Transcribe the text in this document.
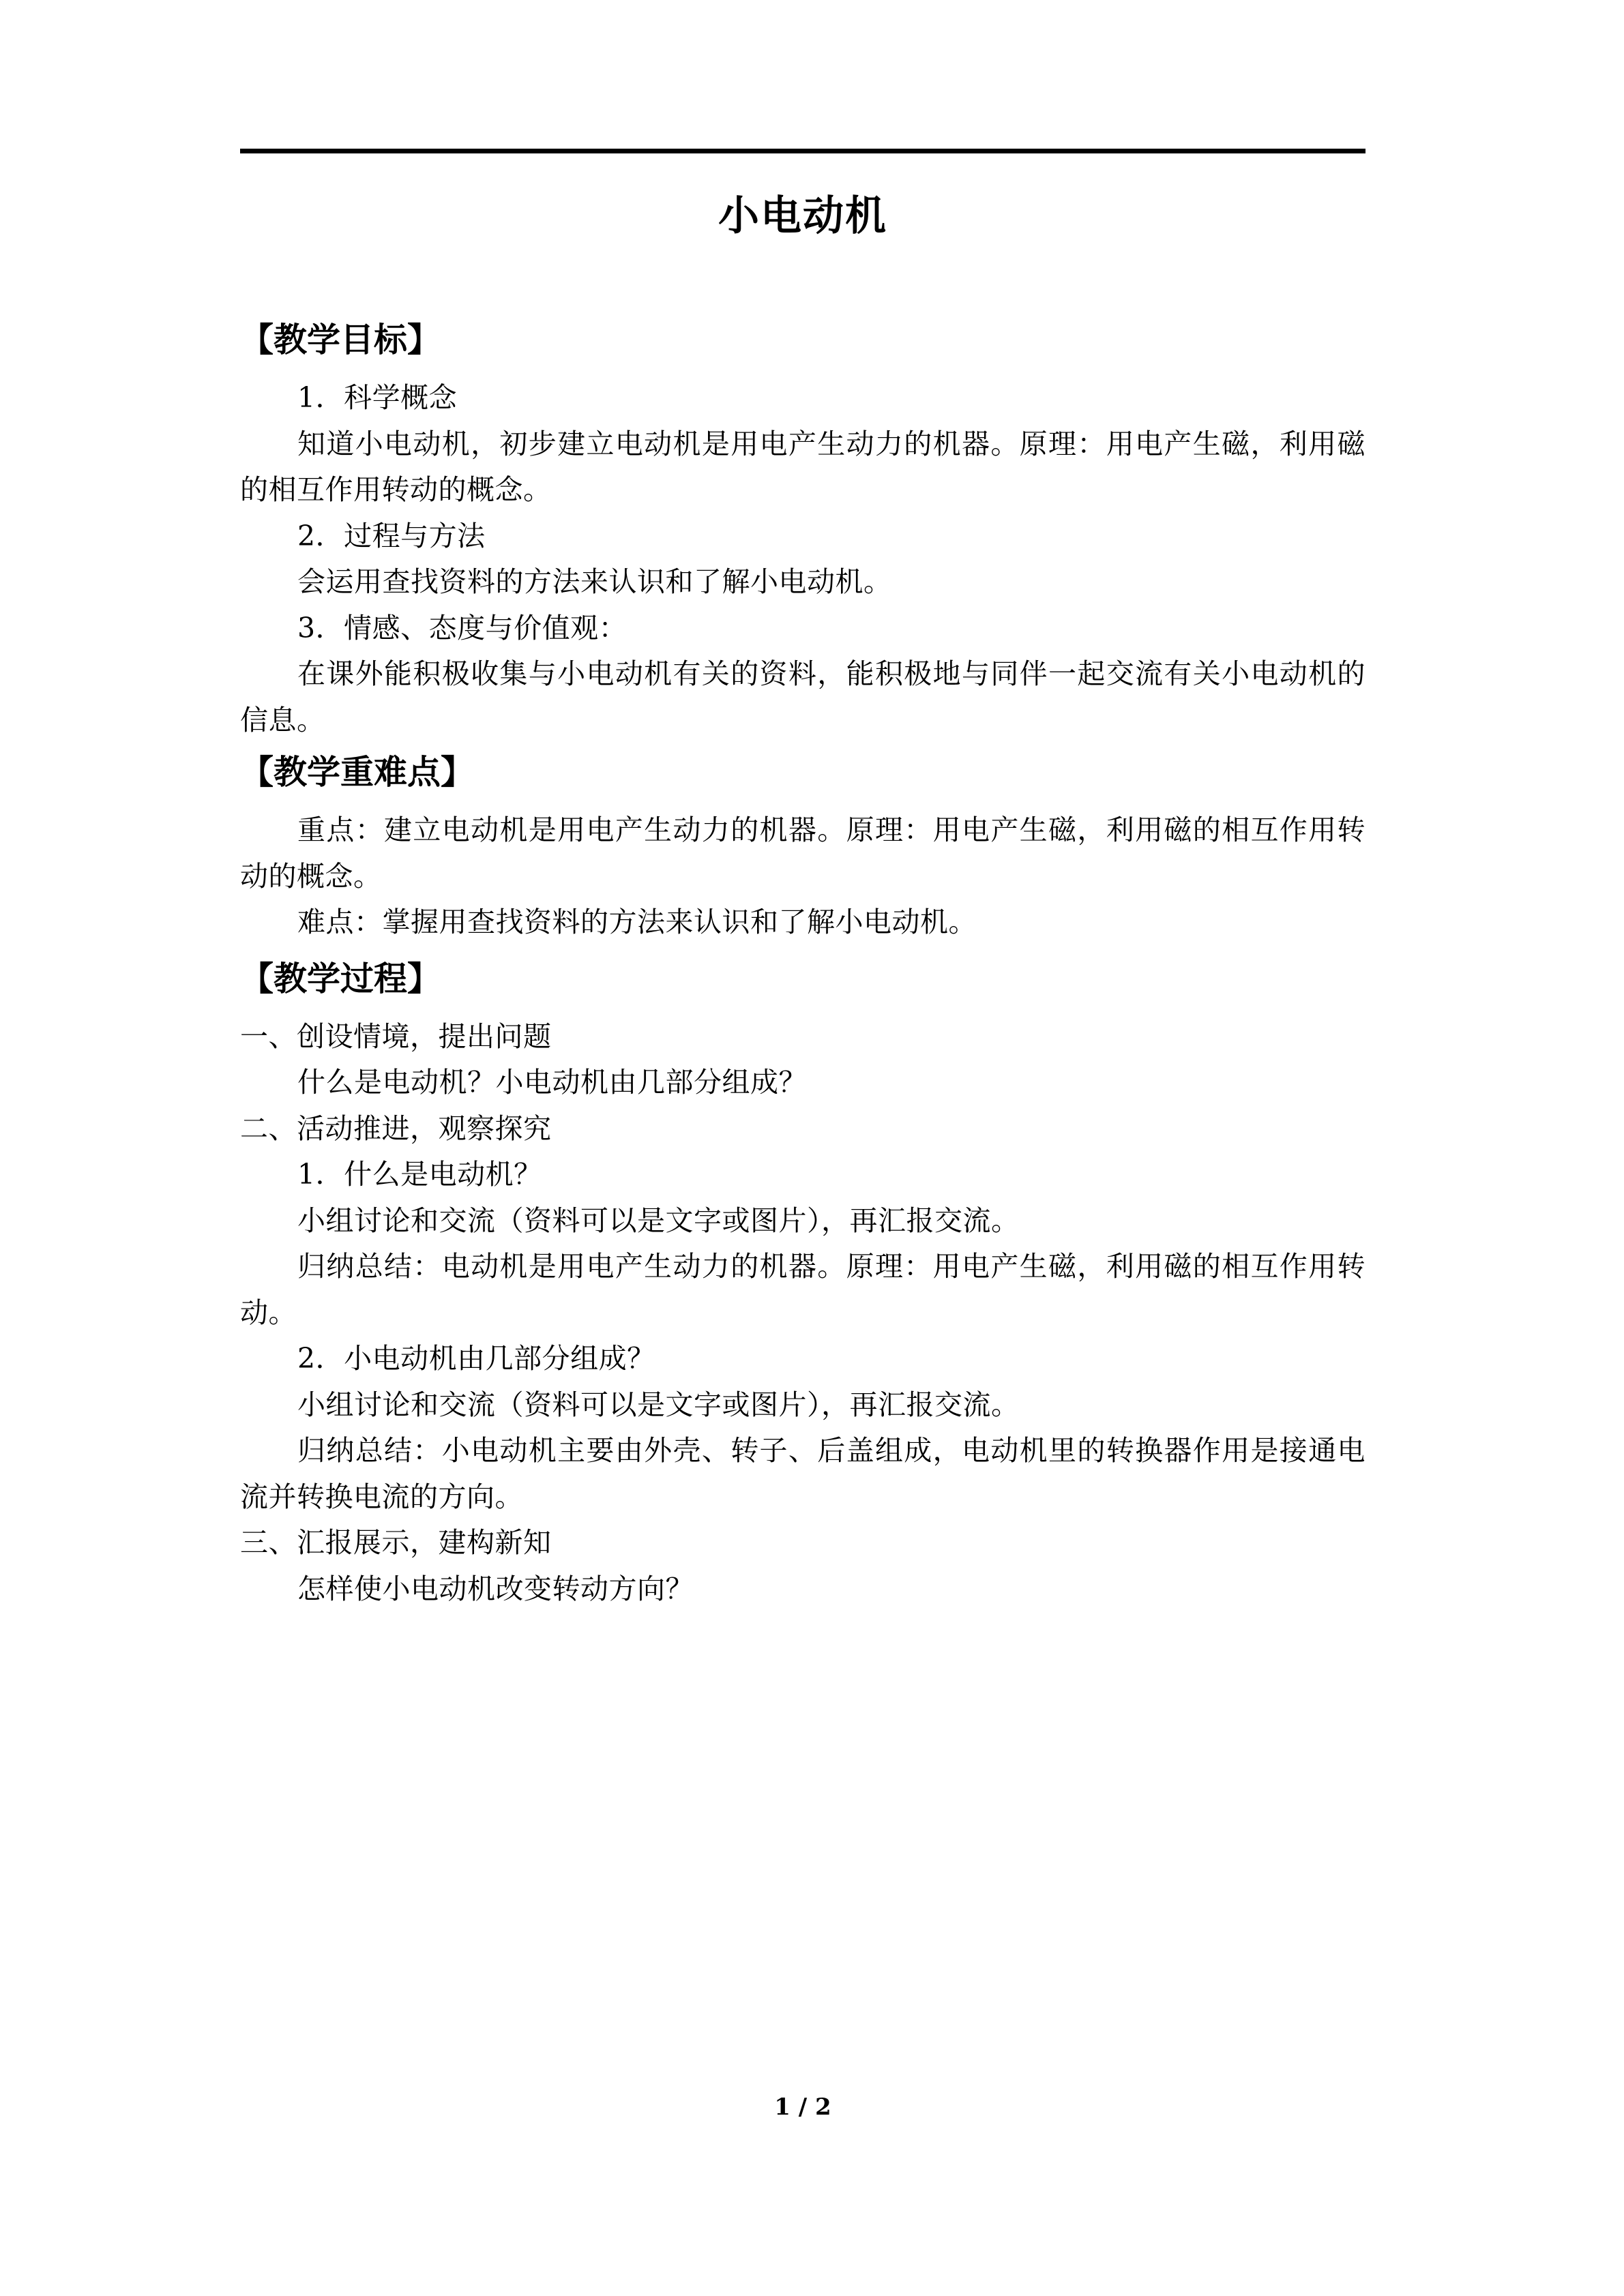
小电动机
【教学目标】

1．科学概念

知道小电动机，初步建立电动机是用电产生动力的机器。原理：用电产生磁，利用磁的相互作用转动的概念。

2．过程与方法

会运用查找资料的方法来认识和了解小电动机。

3．情感、态度与价值观：

在课外能积极收集与小电动机有关的资料，能积极地与同伴一起交流有关小电动机的信息。

【教学重难点】

重点：建立电动机是用电产生动力的机器。原理：用电产生磁，利用磁的相互作用转动的概念。

难点：掌握用查找资料的方法来认识和了解小电动机。

【教学过程】

一、创设情境，提出问题

什么是电动机？小电动机由几部分组成？

二、活动推进，观察探究

1．什么是电动机？

小组讨论和交流（资料可以是文字或图片），再汇报交流。

归纳总结：电动机是用电产生动力的机器。原理：用电产生磁，利用磁的相互作用转动。

2．小电动机由几部分组成？

小组讨论和交流（资料可以是文字或图片），再汇报交流。

归纳总结：小电动机主要由外壳、转子、后盖组成，电动机里的转换器作用是接通电流并转换电流的方向。

三、汇报展示，建构新知

怎样使小电动机改变转动方向？

1 / 2
